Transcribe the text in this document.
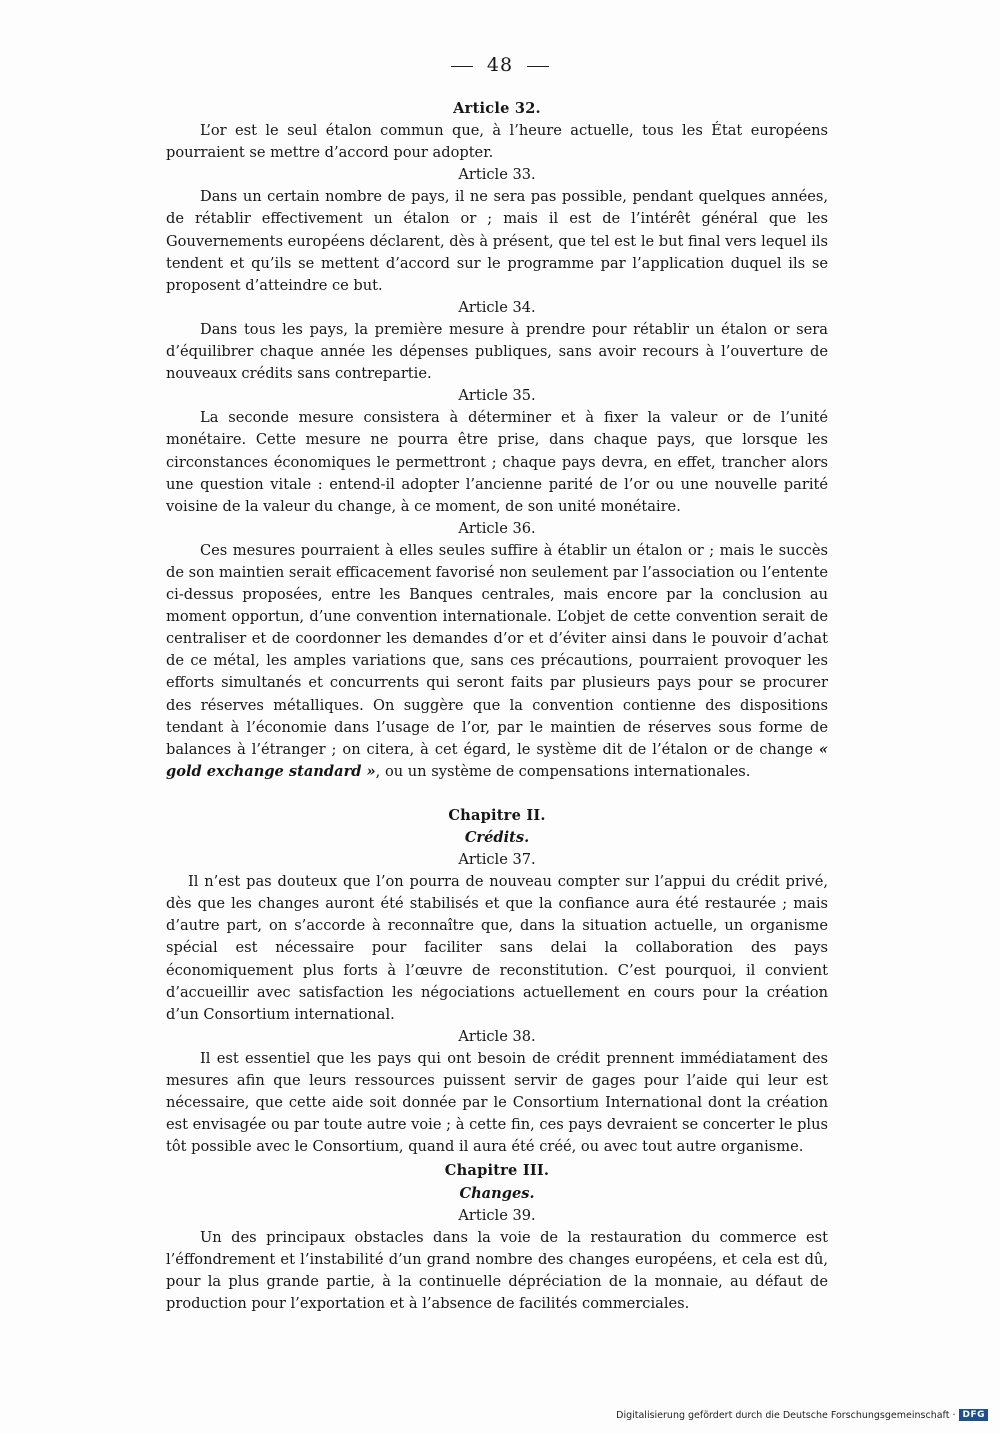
48

Article 32.

L’or est le seul étalon commun que, à l’heure actuelle, tous les État européens pourraient se mettre d’accord pour adopter.

Article 33.

Dans un certain nombre de pays, il ne sera pas possible, pendant quelques années, de rétablir effectivement un étalon or ; mais il est de l’intérêt général que les Gouvernements européens déclarent, dès à présent, que tel est le but final vers lequel ils tendent et qu’ils se mettent d’accord sur le programme par l’application duquel ils se proposent d’atteindre ce but.

Article 34.

Dans tous les pays, la première mesure à prendre pour rétablir un étalon or sera d’équilibrer chaque année les dépenses publiques, sans avoir recours à l’ouverture de nouveaux crédits sans contrepartie.

Article 35.

La seconde mesure consistera à déterminer et à fixer la valeur or de l’unité monétaire. Cette mesure ne pourra être prise, dans chaque pays, que lorsque les circonstances économiques le permettront ; chaque pays devra, en effet, trancher alors une question vitale : entend-il adopter l’ancienne parité de l’or ou une nouvelle parité voisine de la valeur du change, à ce moment, de son unité monétaire.

Article 36.

Ces mesures pourraient à elles seules suffire à établir un étalon or ; mais le succès de son maintien serait efficacement favorisé non seulement par l’association ou l’entente ci-dessus proposées, entre les Banques centrales, mais encore par la conclusion au moment opportun, d’une convention internationale. L’objet de cette convention serait de centraliser et de coordonner les demandes d’or et d’éviter ainsi dans le pouvoir d’achat de ce métal, les amples variations que, sans ces précautions, pourraient provoquer les efforts simultanés et concurrents qui seront faits par plusieurs pays pour se procurer des réserves métalliques. On suggère que la convention contienne des dispositions tendant à l’économie dans l’usage de l’or, par le maintien de réserves sous forme de balances à l’étranger ; on citera, à cet égard, le système dit de l’étalon or de change « gold exchange standard », ou un système de compensations internationales.

Chapitre II.

Crédits.

Article 37.

Il n’est pas douteux que l’on pourra de nouveau compter sur l’appui du crédit privé, dès que les changes auront été stabilisés et que la confiance aura été restaurée ; mais d’autre part, on s’accorde à reconnaître que, dans la situation actuelle, un organisme spécial est nécessaire pour faciliter sans delai la collaboration des pays économiquement plus forts à l’œuvre de reconstitution. C’est pourquoi, il convient d’accueillir avec satisfaction les négociations actuellement en cours pour la création d’un Consortium international.

Article 38.

Il est essentiel que les pays qui ont besoin de crédit prennent immédiatament des mesures afin que leurs ressources puissent servir de gages pour l’aide qui leur est nécessaire, que cette aide soit donnée par le Consortium International dont la création est envisagée ou par toute autre voie ; à cette fin, ces pays devraient se concerter le plus tôt possible avec le Consortium, quand il aura été créé, ou avec tout autre organisme.

Chapitre III.

Changes.

Article 39.

Un des principaux obstacles dans la voie de la restauration du commerce est l’éffondrement et l’instabilité d’un grand nombre des changes européens, et cela est dû, pour la plus grande partie, à la continuelle dépréciation de la monnaie, au défaut de production pour l’exportation et à l’absence de facilités commerciales.

Digitalisierung gefördert durch die Deutsche Forschungsgemeinschaft · DFG
